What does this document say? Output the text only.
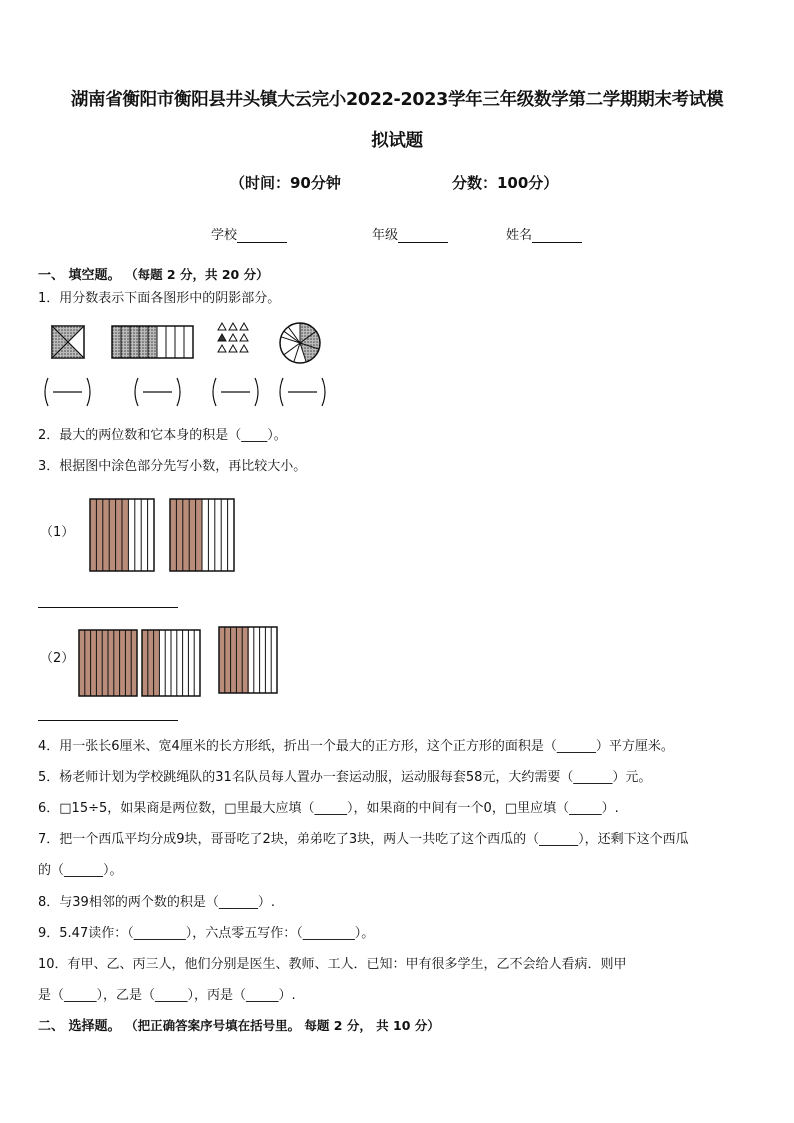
湖南省衡阳市衡阳县井头镇大云完小2022-2023学年三年级数学第二学期期末考试模
拟试题
（时间：90分钟	分数：100分）
学校	年级	姓名
一、 填空题。 （每题 2 分，共 20 分）
1．用分数表示下面各图形中的阴影部分。
2．最大的两位数和它本身的积是（____）。
3．根据图中涂色部分先写小数，再比较大小。
（1）
（2）
4．用一张长6厘米、宽4厘米的长方形纸，折出一个最大的正方形，这个正方形的面积是（______）平方厘米。
5．杨老师计划为学校跳绳队的31名队员每人置办一套运动服，运动服每套58元，大约需要（______）元。
6．□15÷5，如果商是两位数，□里最大应填（_____），如果商的中间有一个0，□里应填（_____）.
7．把一个西瓜平均分成9块，哥哥吃了2块，弟弟吃了3块，两人一共吃了这个西瓜的（______），还剩下这个西瓜
的（______）。
8．与39相邻的两个数的积是（______）.
9．5.47读作：（________），六点零五写作：（________）。
10．有甲、乙、丙三人，他们分别是医生、教师、工人．已知：甲有很多学生，乙不会给人看病．则甲
是（_____），乙是（_____），丙是（_____）.
二、 选择题。 （把正确答案序号填在括号里。 每题 2 分， 共 10 分）
